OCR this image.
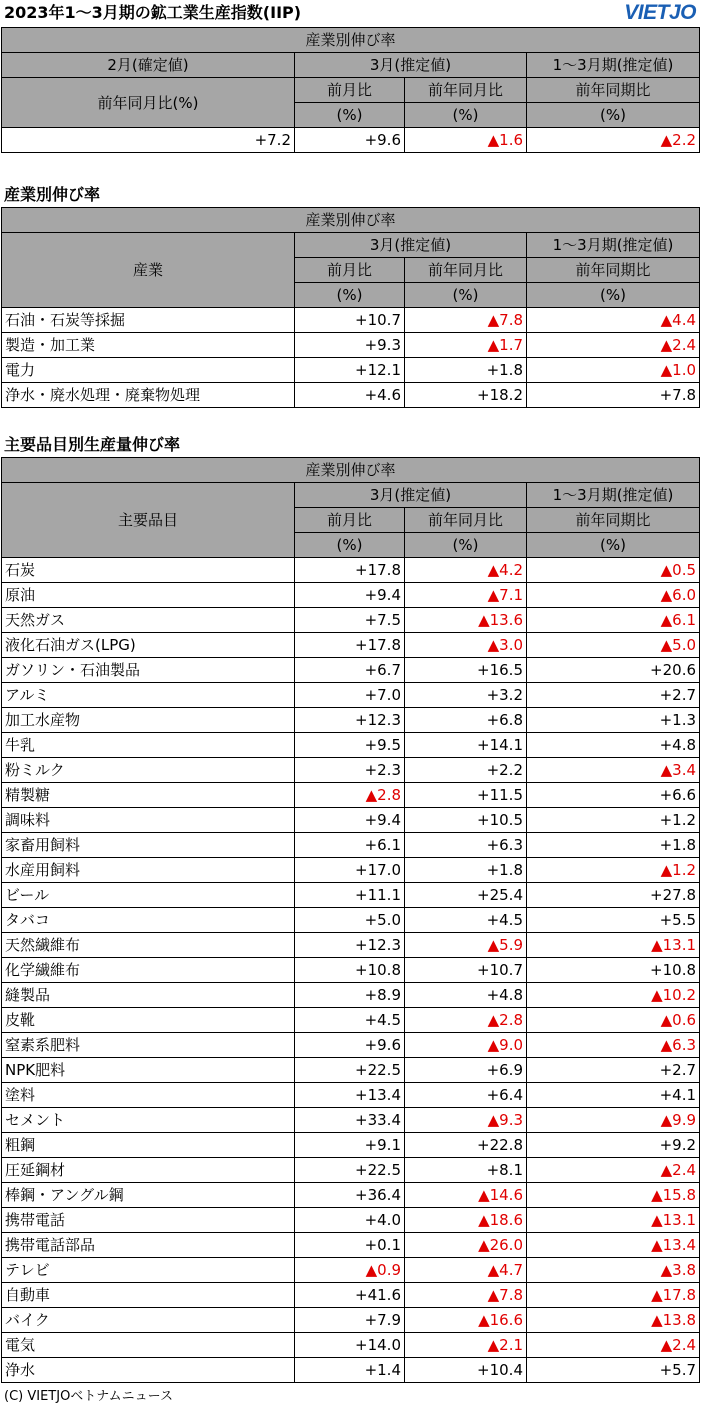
2023年1〜3月期の鉱工業生産指数(IIP)	VIETJO
産業別伸び率			
2月(確定値)	3月(推定値)		1〜3月期(推定値)
前年同月比(%)	前月比	前年同月比	前年同期比
	(%)	(%)	(%)
+7.2	+9.6	▲1.6	▲2.2
産業別伸び率
産業別伸び率			
産業	3月(推定値)		1〜3月期(推定値)
	前月比	前年同月比	前年同期比
	(%)	(%)	(%)
石油・石炭等採掘	+10.7	▲7.8	▲4.4
製造・加工業	+9.3	▲1.7	▲2.4
電力	+12.1	+1.8	▲1.0
浄水・廃水処理・廃棄物処理	+4.6	+18.2	+7.8
主要品目別生産量伸び率
産業別伸び率			
主要品目	3月(推定値)		1〜3月期(推定値)
	前月比	前年同月比	前年同期比
	(%)	(%)	(%)
石炭	+17.8	▲4.2	▲0.5
原油	+9.4	▲7.1	▲6.0
天然ガス	+7.5	▲13.6	▲6.1
液化石油ガス(LPG)	+17.8	▲3.0	▲5.0
ガソリン・石油製品	+6.7	+16.5	+20.6
アルミ	+7.0	+3.2	+2.7
加工水産物	+12.3	+6.8	+1.3
牛乳	+9.5	+14.1	+4.8
粉ミルク	+2.3	+2.2	▲3.4
精製糖	▲2.8	+11.5	+6.6
調味料	+9.4	+10.5	+1.2
家畜用飼料	+6.1	+6.3	+1.8
水産用飼料	+17.0	+1.8	▲1.2
ビール	+11.1	+25.4	+27.8
タバコ	+5.0	+4.5	+5.5
天然繊維布	+12.3	▲5.9	▲13.1
化学繊維布	+10.8	+10.7	+10.8
縫製品	+8.9	+4.8	▲10.2
皮靴	+4.5	▲2.8	▲0.6
窒素系肥料	+9.6	▲9.0	▲6.3
NPK肥料	+22.5	+6.9	+2.7
塗料	+13.4	+6.4	+4.1
セメント	+33.4	▲9.3	▲9.9
粗鋼	+9.1	+22.8	+9.2
圧延鋼材	+22.5	+8.1	▲2.4
棒鋼・アングル鋼	+36.4	▲14.6	▲15.8
携帯電話	+4.0	▲18.6	▲13.1
携帯電話部品	+0.1	▲26.0	▲13.4
テレビ	▲0.9	▲4.7	▲3.8
自動車	+41.6	▲7.8	▲17.8
バイク	+7.9	▲16.6	▲13.8
電気	+14.0	▲2.1	▲2.4
浄水	+1.4	+10.4	+5.7
(C) VIETJOベトナムニュース
